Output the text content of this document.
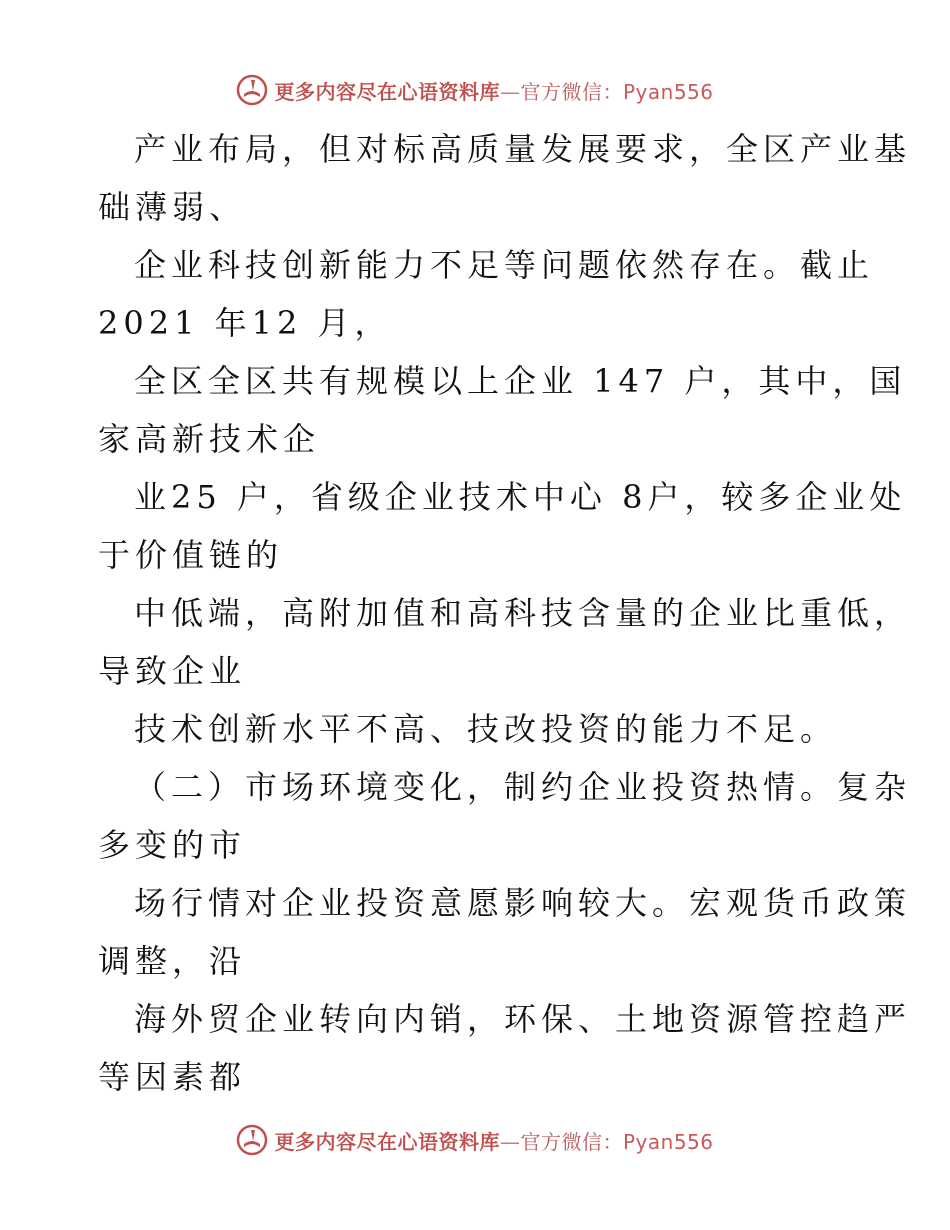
更多内容尽在心语资料库—官方微信：Pyan556
产业布局，但对标高质量发展要求，全区产业基
础薄弱、
企业科技创新能力不足等问题依然存在。截止
2021 年12 月，
全区全区共有规模以上企业 147 户，其中，国
家高新技术企
业25 户，省级企业技术中心 8户，较多企业处
于价值链的
中低端，高附加值和高科技含量的企业比重低，
导致企业
技术创新水平不高、技改投资的能力不足。
（二）市场环境变化，制约企业投资热情。复杂
多变的市
场行情对企业投资意愿影响较大。宏观货币政策
调整，沿
海外贸企业转向内销，环保、土地资源管控趋严
等因素都
更多内容尽在心语资料库—官方微信：Pyan556
